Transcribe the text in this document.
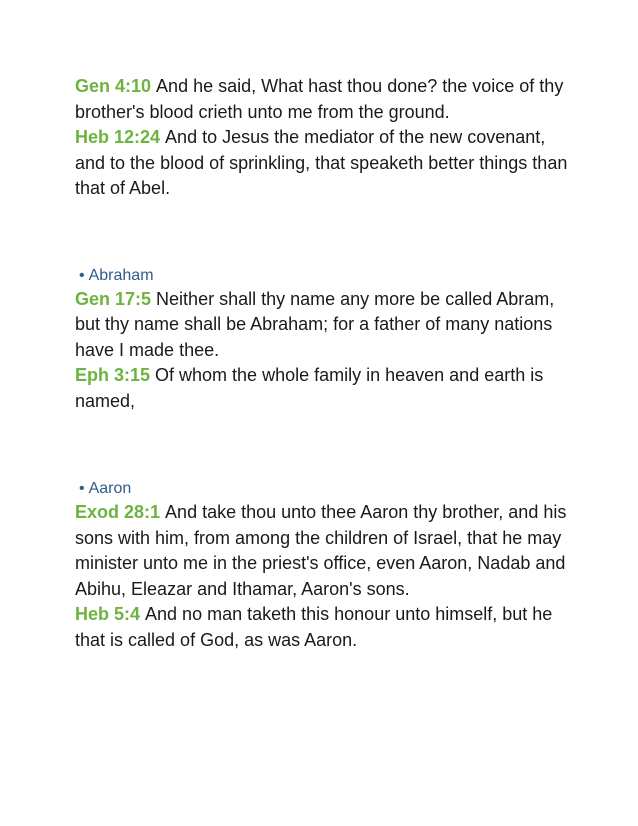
Gen 4:10 And he said, What hast thou done? the voice of thy brother's blood crieth unto me from the ground.

Heb 12:24 And to Jesus the mediator of the new covenant, and to the blood of sprinkling, that speaketh better things than that of Abel.

• Abraham

Gen 17:5 Neither shall thy name any more be called Abram, but thy name shall be Abraham; for a father of many nations have I made thee.

Eph 3:15 Of whom the whole family in heaven and earth is named,

• Aaron

Exod 28:1 And take thou unto thee Aaron thy brother, and his sons with him, from among the children of Israel, that he may minister unto me in the priest's office, even Aaron, Nadab and Abihu, Eleazar and Ithamar, Aaron's sons.

Heb 5:4 And no man taketh this honour unto himself, but he that is called of God, as was Aaron.
